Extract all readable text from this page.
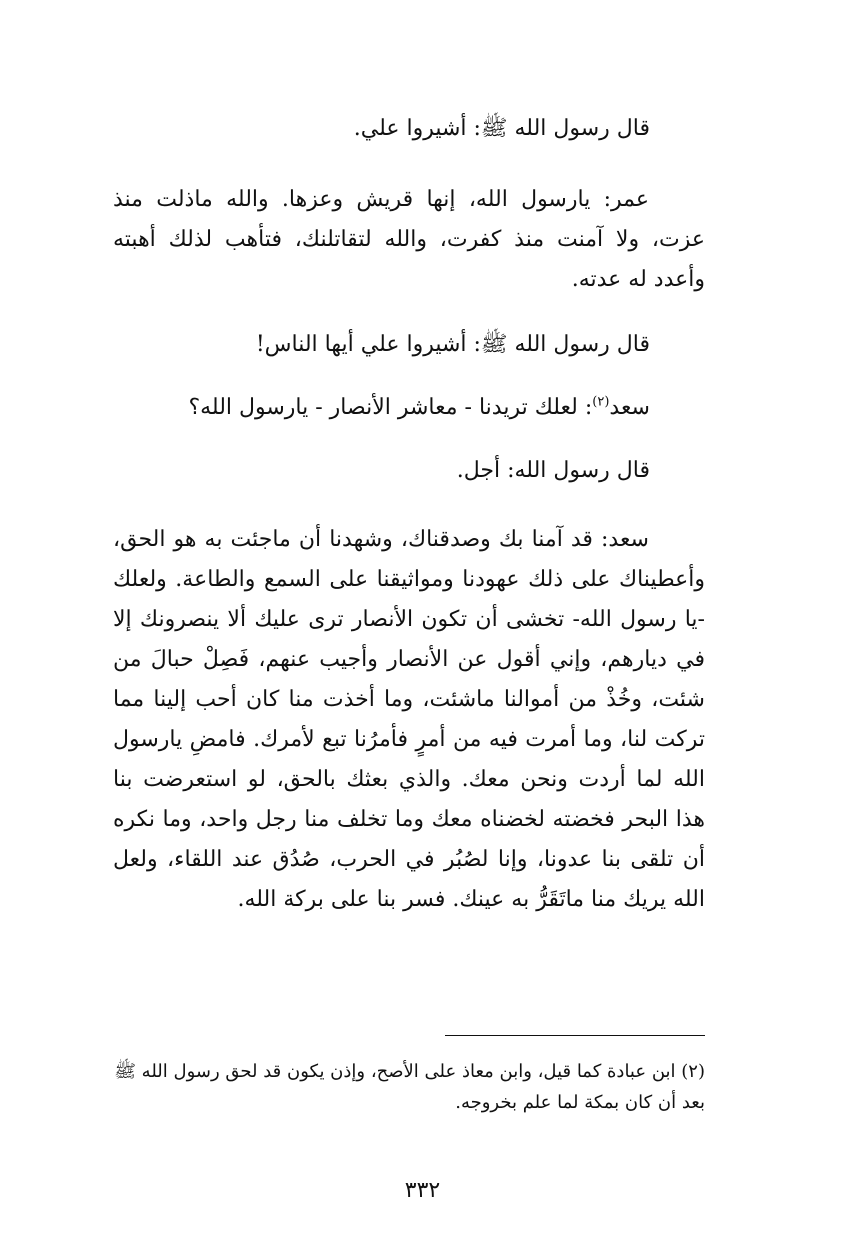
قال رسول الله ﷺ: أشيروا علي.
عمر: يارسول الله، إنها قريش وعزها. والله ماذلت منذ عزت، ولا آمنت منذ كفرت، والله لتقاتلنك، فتأهب لذلك أهبته وأعدد له عدته.
قال رسول الله ﷺ: أشيروا علي أيها الناس!
سعد$^{(٢)}$: لعلك تريدنا - معاشر الأنصار - يارسول الله؟
قال رسول الله: أجل.
سعد: قد آمنا بك وصدقناك، وشهدنا أن ماجئت به هو الحق، وأعطيناك على ذلك عهودنا ومواثيقنا على السمع والطاعة. ولعلك -يا رسول الله- تخشى أن تكون الأنصار ترى عليك ألا ينصرونك إلا في ديارهم، وإني أقول عن الأنصار وأجيب عنهم، فَصِلْ حبالَ من شئت، وخُذْ من أموالنا ماشئت، وما أخذت منا كان أحب إلينا مما تركت لنا، وما أمرت فيه من أمرٍ فأمرُنا تبع لأمرك. فامضِ يارسول الله لما أردت ونحن معك. والذي بعثك بالحق، لو استعرضت بنا هذا البحر فخضته لخضناه معك وما تخلف منا رجل واحد، وما نكره أن تلقى بنا عدونا، وإنا لصُبُر في الحرب، صُدُق عند اللقاء، ولعل الله يريك منا ماتَقَرُّ به عينك. فسر بنا على بركة الله.
(٢) ابن عبادة كما قيل، وابن معاذ على الأصح، وإذن يكون قد لحق رسول الله ﷺ بعد أن كان بمكة لما علم بخروجه.
٣٣٢
